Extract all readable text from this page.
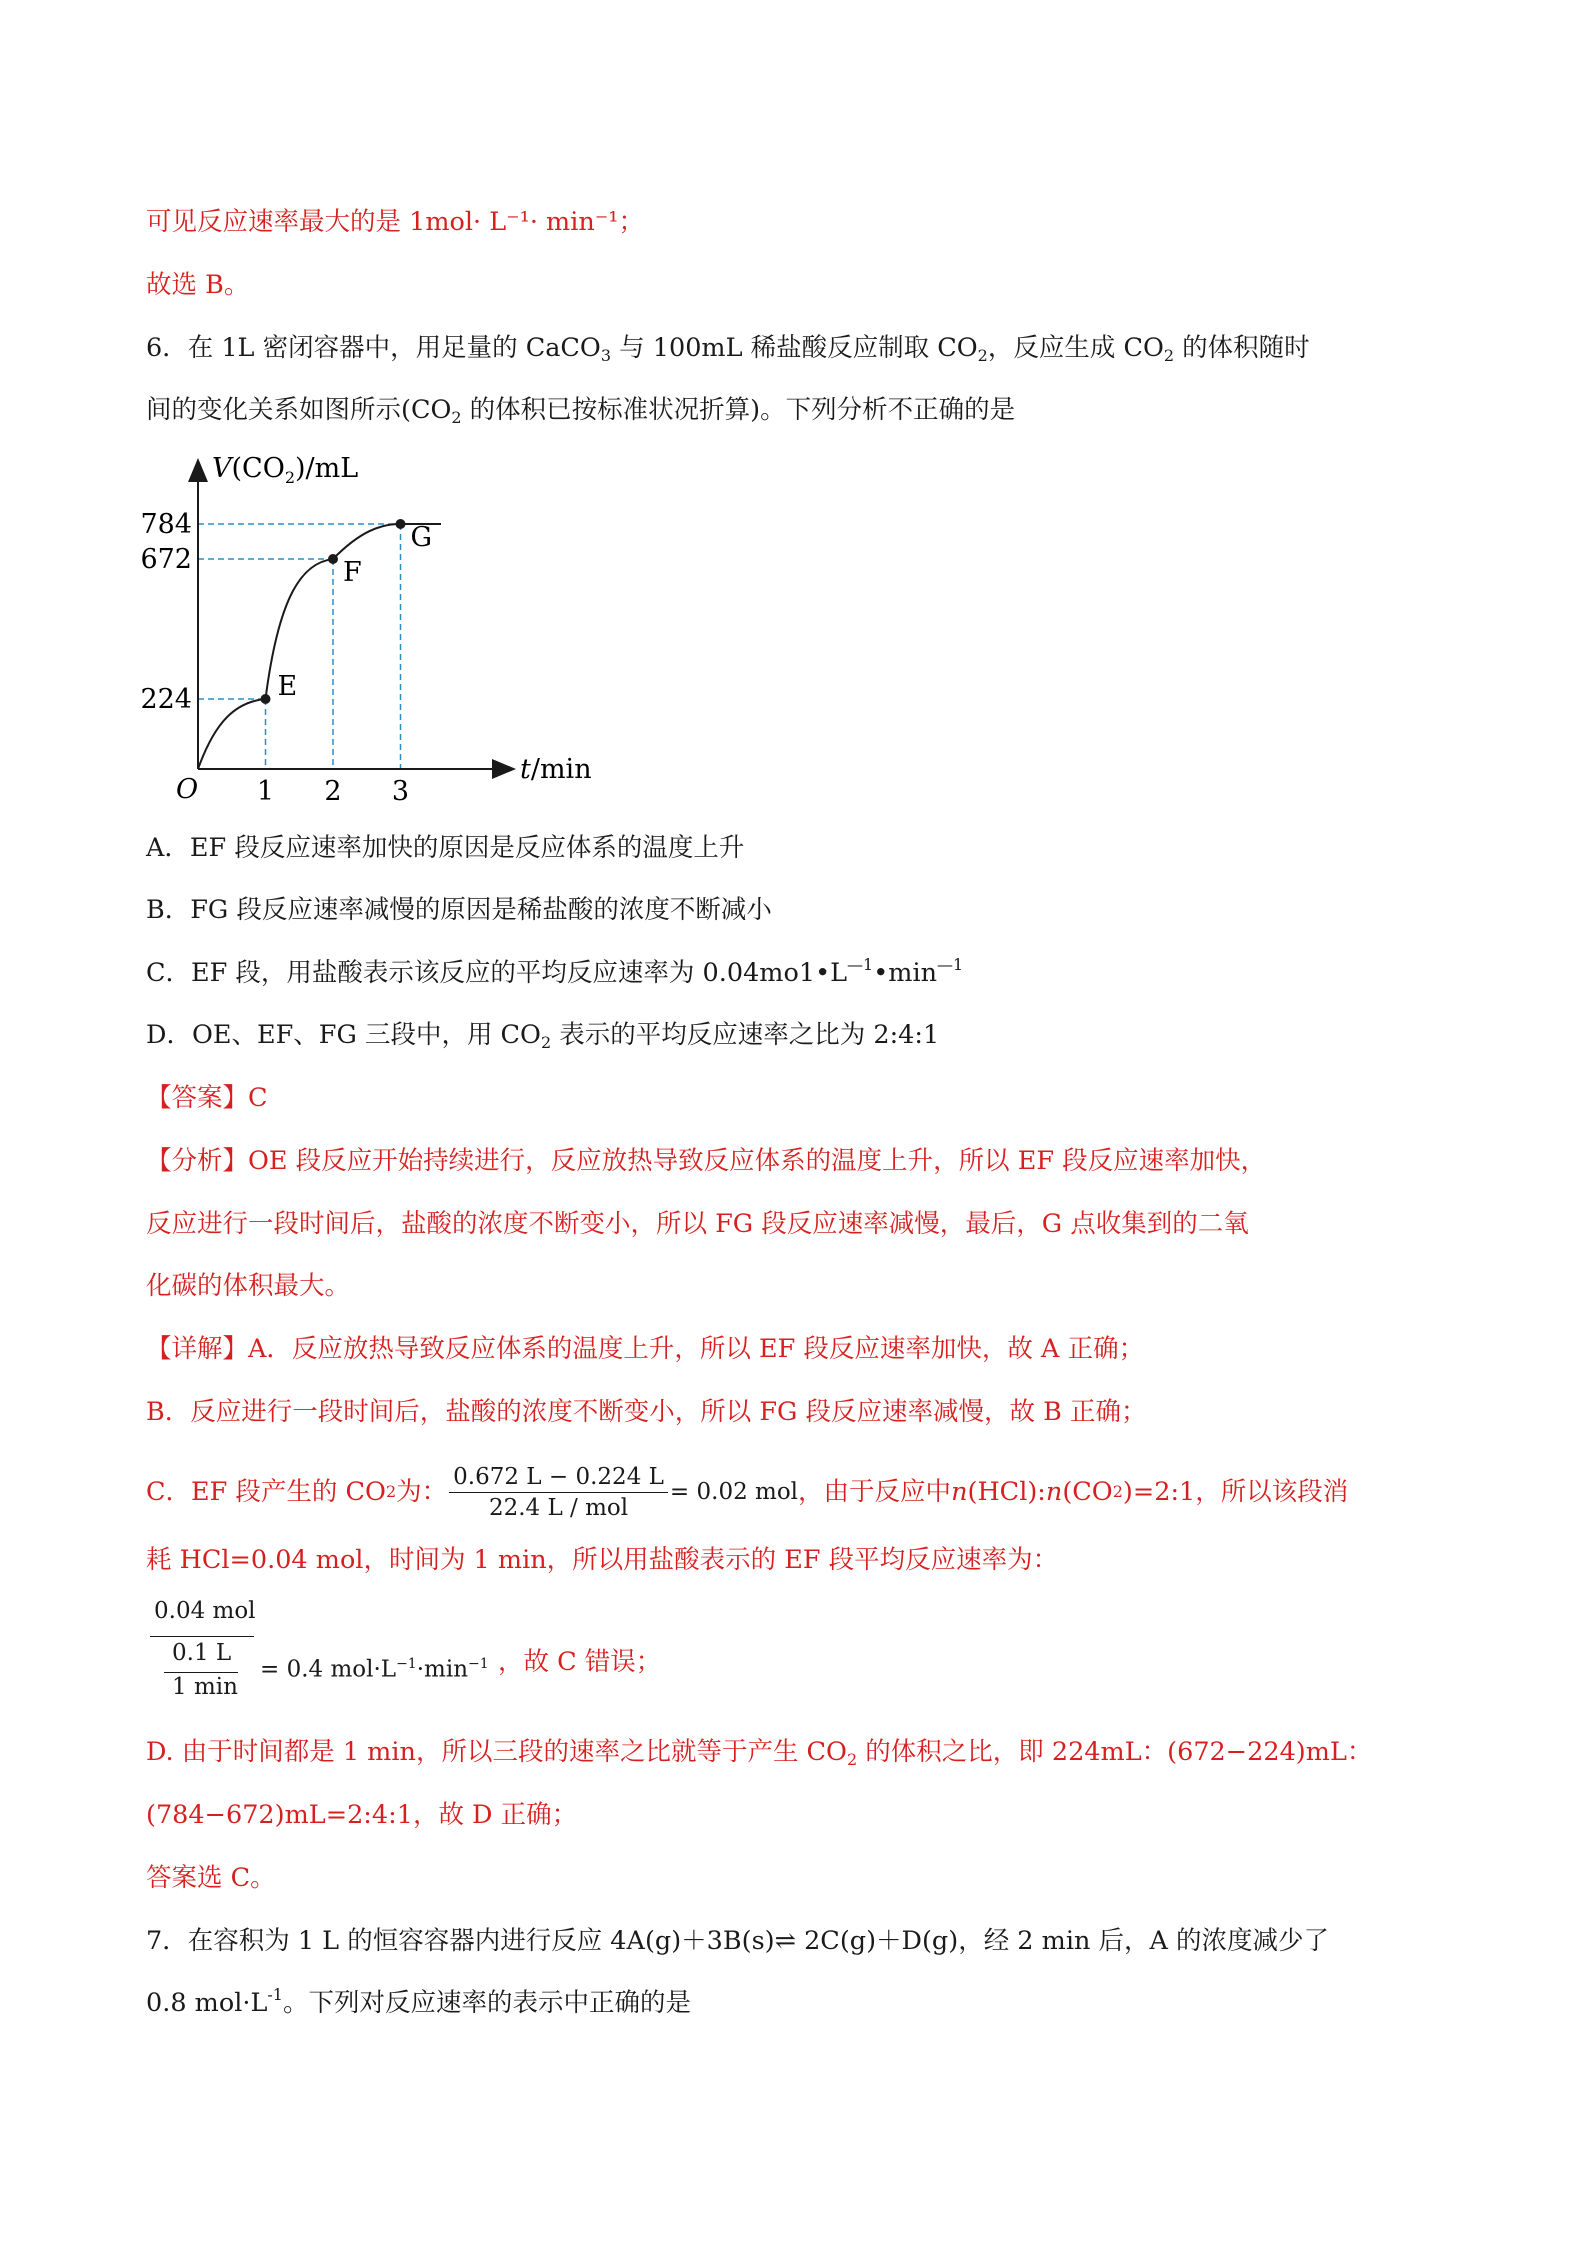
可见反应速率最大的是 1mol· L⁻¹· min⁻¹；
故选 B。
6．在 1L 密闭容器中，用足量的 CaCO$_3$ 与 100mL 稀盐酸反应制取 $CO_2$，反应生成 $CO_2$ 的体积随时
间的变化关系如图所示($CO_2$ 的体积已按标准状况折算)。下列分析不正确的是
E
F
G
1 2 3
224
672
784
$V(CO_2)/mL$
t/min
O
A．EF 段反应速率加快的原因是反应体系的温度上升
B．FG 段反应速率减慢的原因是稀盐酸的浓度不断减小
C．EF 段，用盐酸表示该反应的平均反应速率为 $0.04mo1•L^{—1}•\min^{—1}$
D．OE、EF、FG 三段中，用 $CO_2$ 表示的平均反应速率之比为 2:4:1
【答案】C
【分析】OE 段反应开始持续进行，反应放热导致反应体系的温度上升，所以 EF 段反应速率加快，
反应进行一段时间后，盐酸的浓度不断变小，所以 FG 段反应速率减慢，最后，G 点收集到的二氧
化碳的体积最大。
【详解】A．反应放热导致反应体系的温度上升，所以 EF 段反应速率加快，故 A 正确；
B．反应进行一段时间后，盐酸的浓度不断变小，所以 FG 段反应速率减慢，故 B 正确；
C．EF 段产生的 CO 2 为： $\frac{0.672 L - 0.224 L}{\text{22.4 L / mol}} = 0.02$ mol ，由于反应中 n (HCl): n (CO 2 )=2:1，所以该段消
耗 HCl=0.04 mol，时间为 1 min，所以用盐酸表示的 EF 段平均反应速率为：
0.04 mol
0.1 L
1 min
= 0.4 $mol\cdot L^{-1}\cdot\min^{-1}$ ，故 C 错误；
D. 由于时间都是 1 min，所以三段的速率之比就等于产生 $CO_2$ 的体积之比，即 224mL：(672−224)mL：
(784−672)mL=2:4:1，故 D 正确；
答案选 C。
7．在容积为 1 L 的恒容容器内进行反应 4A(g)＋3B(s)⇌ 2C(g)＋D(g)，经 2 min 后，A 的浓度减少了
0.8 $mol\cdot L^{-1}$。下列对反应速率的表示中正确的是
